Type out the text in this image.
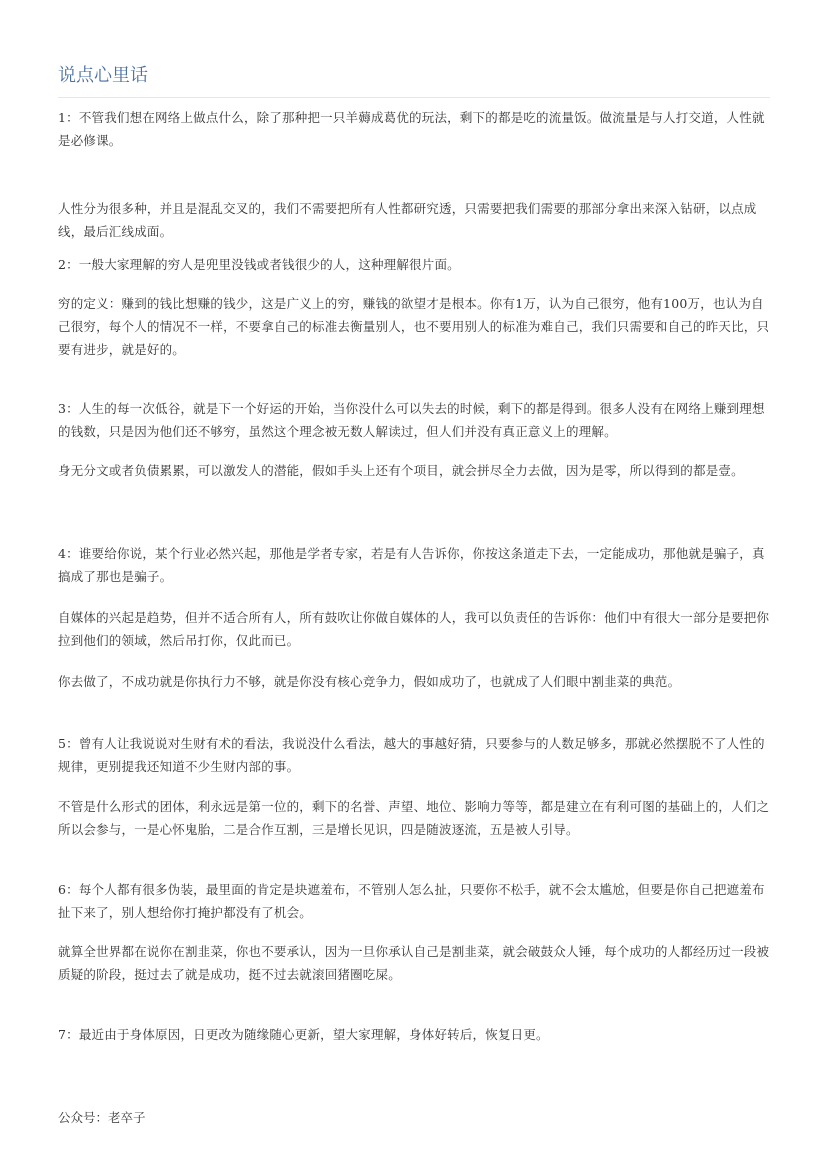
说点心里话

1：不管我们想在网络上做点什么，除了那种把一只羊薅成葛优的玩法，剩下的都是吃的流量饭。做流量是与人打交道，人性就是必修课。

人性分为很多种，并且是混乱交叉的，我们不需要把所有人性都研究透，只需要把我们需要的那部分拿出来深入钻研，以点成线，最后汇线成面。

2：一般大家理解的穷人是兜里没钱或者钱很少的人，这种理解很片面。

穷的定义：赚到的钱比想赚的钱少，这是广义上的穷，赚钱的欲望才是根本。你有1万，认为自己很穷，他有100万，也认为自己很穷，每个人的情况不一样，不要拿自己的标准去衡量别人，也不要用别人的标准为难自己，我们只需要和自己的昨天比，只要有进步，就是好的。

3：人生的每一次低谷，就是下一个好运的开始，当你没什么可以失去的时候，剩下的都是得到。很多人没有在网络上赚到理想的钱数，只是因为他们还不够穷，虽然这个理念被无数人解读过，但人们并没有真正意义上的理解。

身无分文或者负债累累，可以激发人的潜能，假如手头上还有个项目，就会拼尽全力去做，因为是零，所以得到的都是壹。

4：谁要给你说，某个行业必然兴起，那他是学者专家，若是有人告诉你，你按这条道走下去，一定能成功，那他就是骗子，真搞成了那也是骗子。

自媒体的兴起是趋势，但并不适合所有人，所有鼓吹让你做自媒体的人，我可以负责任的告诉你：他们中有很大一部分是要把你拉到他们的领域，然后吊打你，仅此而已。

你去做了，不成功就是你执行力不够，就是你没有核心竞争力，假如成功了，也就成了人们眼中割韭菜的典范。

5：曾有人让我说说对生财有术的看法，我说没什么看法，越大的事越好猜，只要参与的人数足够多，那就必然摆脱不了人性的规律，更别提我还知道不少生财内部的事。

不管是什么形式的团体，利永远是第一位的，剩下的名誉、声望、地位、影响力等等，都是建立在有利可图的基础上的，人们之所以会参与，一是心怀鬼胎，二是合作互割，三是增长见识，四是随波逐流，五是被人引导。

6：每个人都有很多伪装，最里面的肯定是块遮羞布，不管别人怎么扯，只要你不松手，就不会太尴尬，但要是你自己把遮羞布扯下来了，别人想给你打掩护都没有了机会。

就算全世界都在说你在割韭菜，你也不要承认，因为一旦你承认自己是割韭菜，就会破鼓众人锤，每个成功的人都经历过一段被质疑的阶段，挺过去了就是成功，挺不过去就滚回猪圈吃屎。

7：最近由于身体原因，日更改为随缘随心更新，望大家理解，身体好转后，恢复日更。

公众号：老卒子
